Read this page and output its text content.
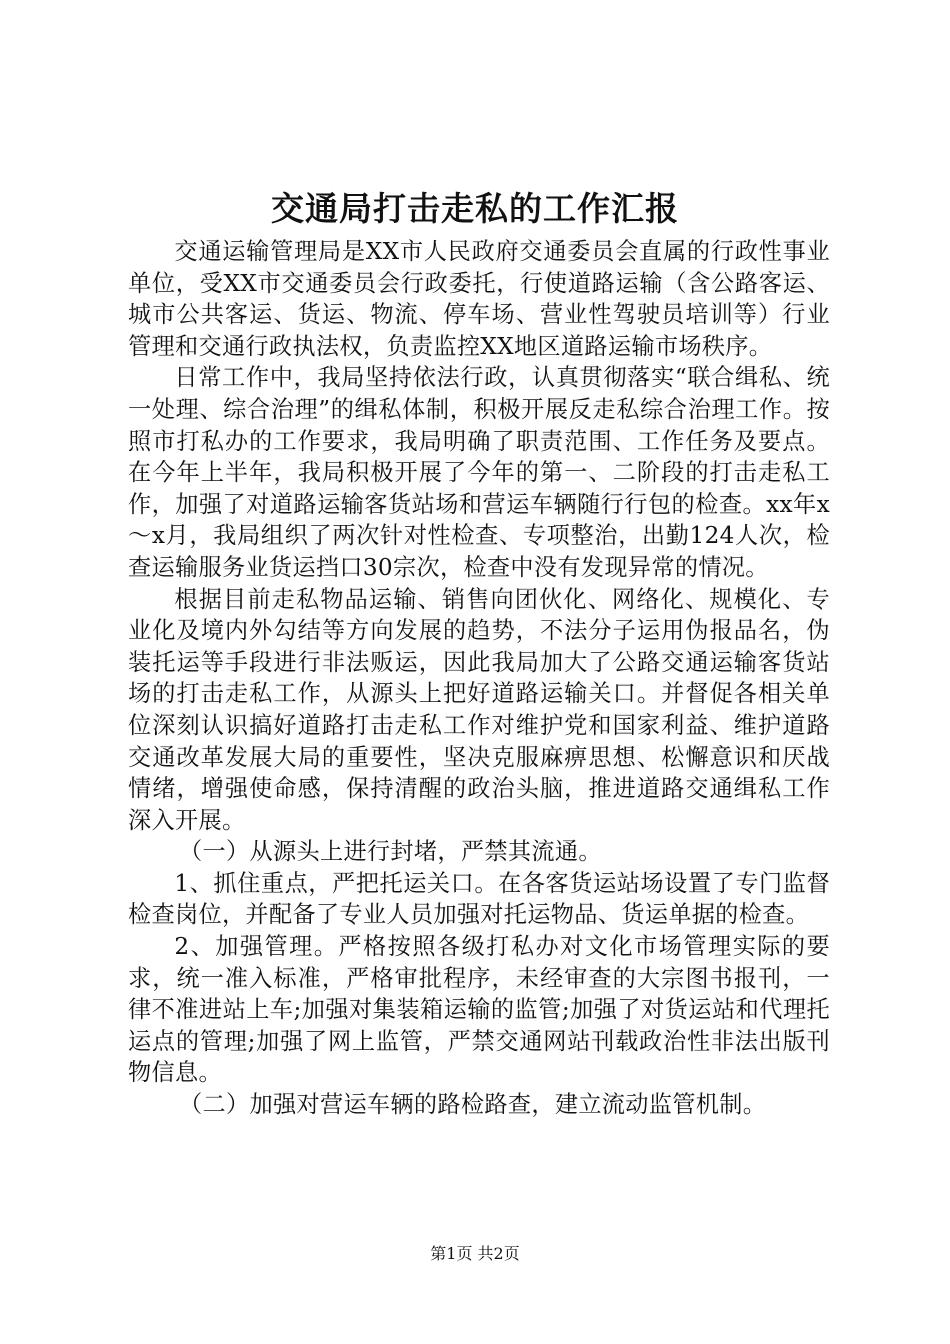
交通局打击走私的工作汇报

交通运输管理局是XX市人民政府交通委员会直属的行政性事业单位，受XX市交通委员会行政委托，行使道路运输（含公路客运、城市公共客运、货运、物流、停车场、营业性驾驶员培训等）行业管理和交通行政执法权，负责监控XX地区道路运输市场秩序。

日常工作中，我局坚持依法行政，认真贯彻落实“联合缉私、统一处理、综合治理”的缉私体制，积极开展反走私综合治理工作。按照市打私办的工作要求，我局明确了职责范围、工作任务及要点。在今年上半年，我局积极开展了今年的第一、二阶段的打击走私工作，加强了对道路运输客货站场和营运车辆随行行包的检查。xx年x～x月，我局组织了两次针对性检查、专项整治，出勤124人次，检查运输服务业货运挡口30宗次，检查中没有发现异常的情况。

根据目前走私物品运输、销售向团伙化、网络化、规模化、专业化及境内外勾结等方向发展的趋势，不法分子运用伪报品名，伪装托运等手段进行非法贩运，因此我局加大了公路交通运输客货站场的打击走私工作，从源头上把好道路运输关口。并督促各相关单位深刻认识搞好道路打击走私工作对维护党和国家利益、维护道路交通改革发展大局的重要性，坚决克服麻痹思想、松懈意识和厌战情绪，增强使命感，保持清醒的政治头脑，推进道路交通缉私工作深入开展。

（一）从源头上进行封堵，严禁其流通。

1、抓住重点，严把托运关口。在各客货运站场设置了专门监督检查岗位，并配备了专业人员加强对托运物品、货运单据的检查。

2、加强管理。严格按照各级打私办对文化市场管理实际的要求，统一准入标准，严格审批程序，未经审查的大宗图书报刊，一律不准进站上车;加强对集装箱运输的监管;加强了对货运站和代理托运点的管理;加强了网上监管，严禁交通网站刊载政治性非法出版刊物信息。

（二）加强对营运车辆的路检路查，建立流动监管机制。

第1页 共2页
